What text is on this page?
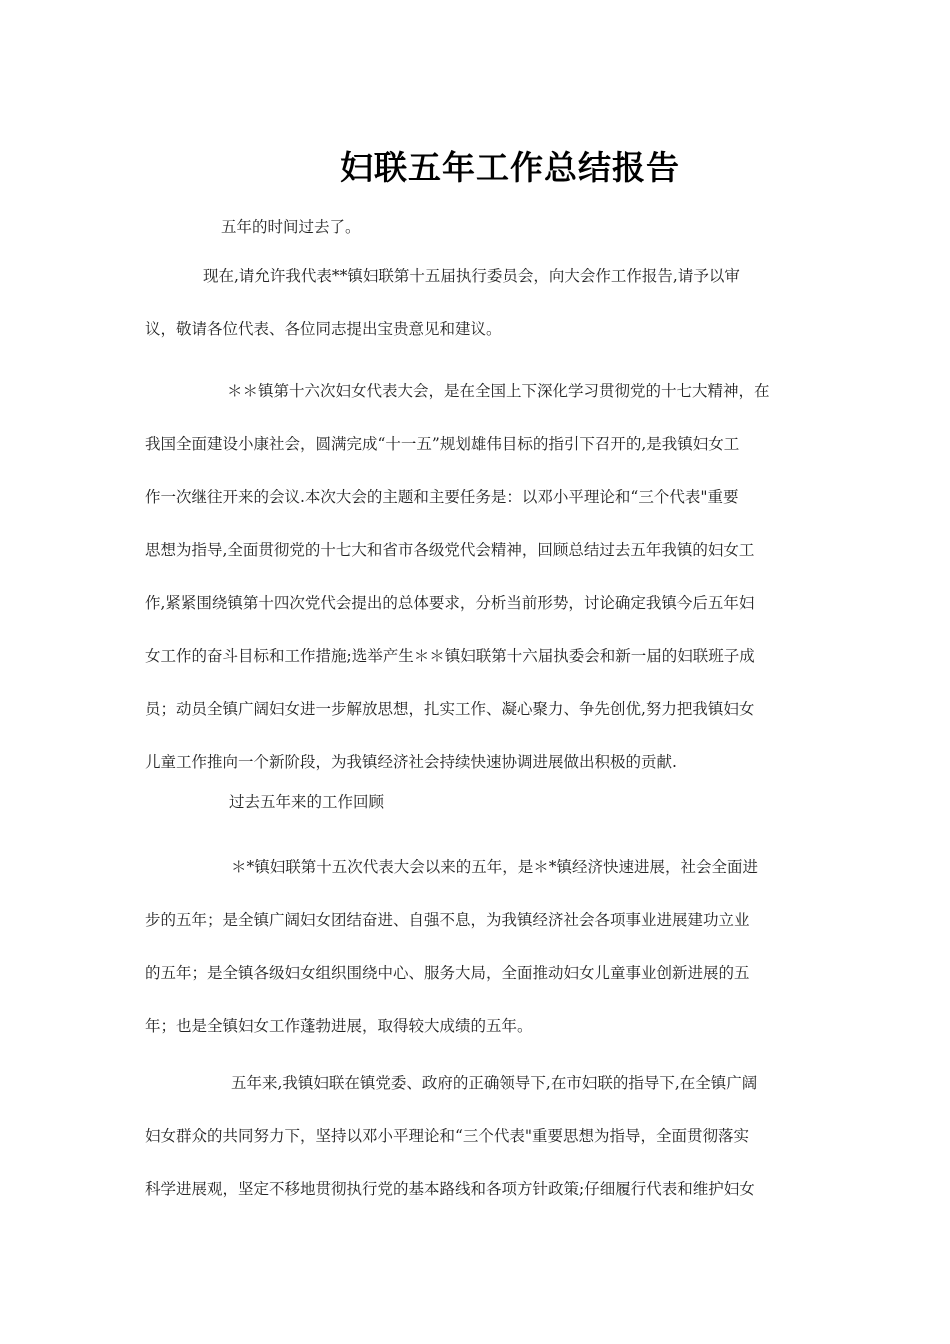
妇联五年工作总结报告
五年的时间过去了。
现在,请允许我代表**镇妇联第十五届执行委员会，向大会作工作报告,请予以审
议，敬请各位代表、各位同志提出宝贵意见和建议。
＊＊镇第十六次妇女代表大会，是在全国上下深化学习贯彻党的十七大精神，在
我国全面建设小康社会，圆满完成“十一五”规划雄伟目标的指引下召开的,是我镇妇女工
作一次继往开来的会议.本次大会的主题和主要任务是：以邓小平理论和“三个代表"重要
思想为指导,全面贯彻党的十七大和省市各级党代会精神，回顾总结过去五年我镇的妇女工
作,紧紧围绕镇第十四次党代会提出的总体要求，分析当前形势，讨论确定我镇今后五年妇
女工作的奋斗目标和工作措施;选举产生＊＊镇妇联第十六届执委会和新一届的妇联班子成
员；动员全镇广阔妇女进一步解放思想，扎实工作、凝心聚力、争先创优,努力把我镇妇女
儿童工作推向一个新阶段，为我镇经济社会持续快速协调进展做出积极的贡献.
过去五年来的工作回顾
＊*镇妇联第十五次代表大会以来的五年，是＊*镇经济快速进展，社会全面进
步的五年；是全镇广阔妇女团结奋进、自强不息，为我镇经济社会各项事业进展建功立业
的五年；是全镇各级妇女组织围绕中心、服务大局，全面推动妇女儿童事业创新进展的五
年；也是全镇妇女工作蓬勃进展，取得较大成绩的五年。
五年来,我镇妇联在镇党委、政府的正确领导下,在市妇联的指导下,在全镇广阔
妇女群众的共同努力下，坚持以邓小平理论和“三个代表"重要思想为指导，全面贯彻落实
科学进展观，坚定不移地贯彻执行党的基本路线和各项方针政策;仔细履行代表和维护妇女
